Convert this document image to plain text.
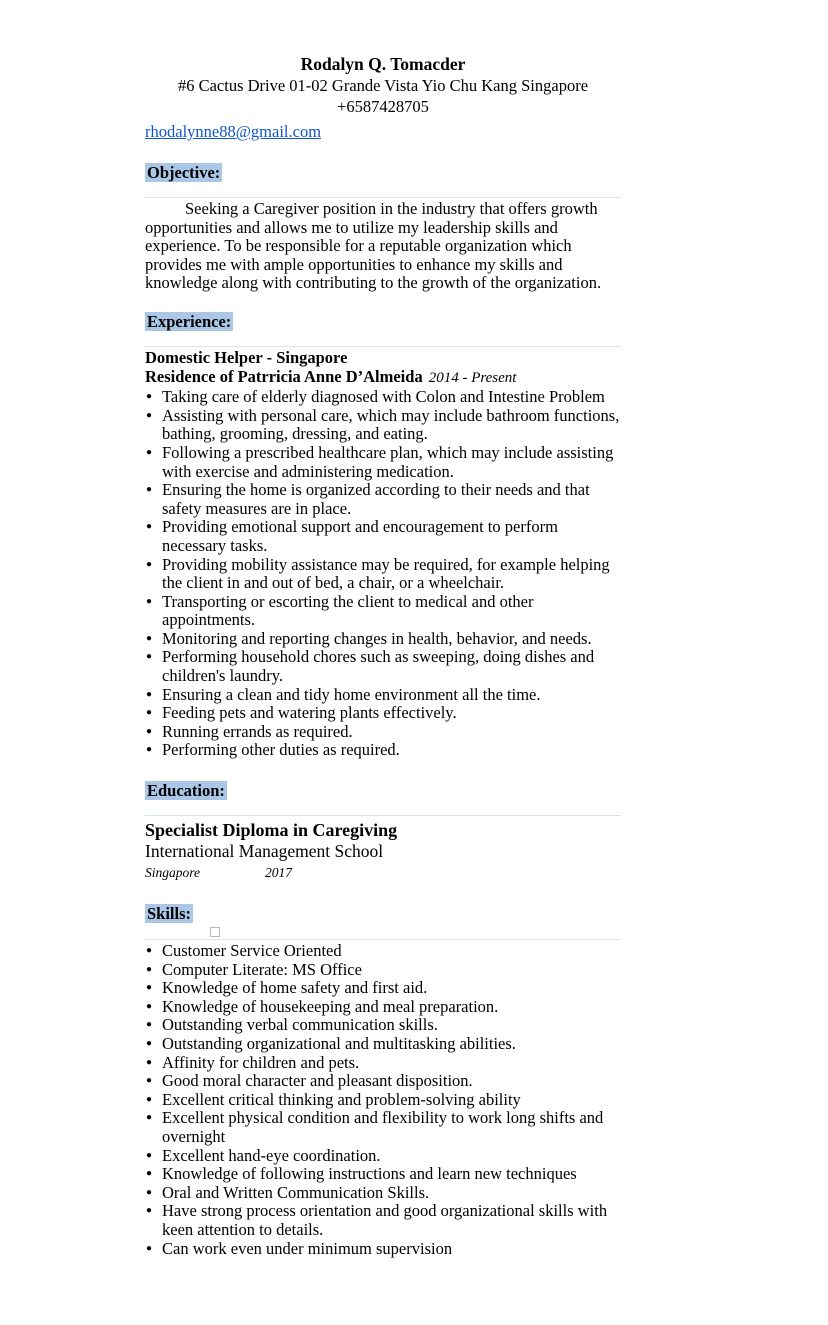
Rodalyn Q. Tomacder
#6 Cactus Drive 01-02 Grande Vista Yio Chu Kang Singapore
+6587428705
rhodalynne88@gmail.com
Objective:

Seeking a Caregiver position in the industry that offers growth opportunities and allows me to utilize my leadership skills and experience. To be responsible for a reputable organization which provides me with ample opportunities to enhance my skills and knowledge along with contributing to the growth of the organization.

Experience:
Domestic Helper - Singapore
Residence of Patrricia Anne D’Almeida 2014 - Present
● Taking care of elderly diagnosed with Colon and Intestine Problem
● Assisting with personal care, which may include bathroom functions, bathing, grooming, dressing, and eating.
● Following a prescribed healthcare plan, which may include assisting with exercise and administering medication.
● Ensuring the home is organized according to their needs and that safety measures are in place.
● Providing emotional support and encouragement to perform necessary tasks.
● Providing mobility assistance may be required, for example helping the client in and out of bed, a chair, or a wheelchair.
● Transporting or escorting the client to medical and other appointments.
● Monitoring and reporting changes in health, behavior, and needs.
● Performing household chores such as sweeping, doing dishes and children's laundry.
● Ensuring a clean and tidy home environment all the time.
● Feeding pets and watering plants effectively.
● Running errands as required.
● Performing other duties as required.
Education:
Specialist Diploma in Caregiving
International Management School
Singapore	2017
Skills:
● Customer Service Oriented
● Computer Literate: MS Office
● Knowledge of home safety and first aid.
● Knowledge of housekeeping and meal preparation.
● Outstanding verbal communication skills.
● Outstanding organizational and multitasking abilities.
● Affinity for children and pets.
● Good moral character and pleasant disposition.
● Excellent critical thinking and problem-solving ability
● Excellent physical condition and flexibility to work long shifts and overnight
● Excellent hand-eye coordination.
● Knowledge of following instructions and learn new techniques
● Oral and Written Communication Skills.
● Have strong process orientation and good organizational skills with keen attention to details.
● Can work even under minimum supervision
